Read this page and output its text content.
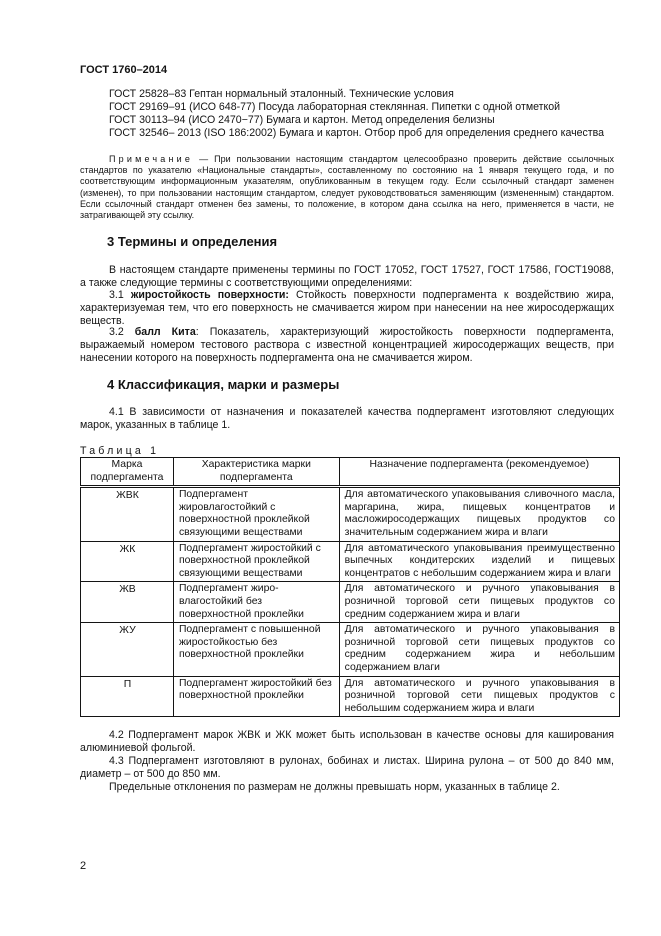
ГОСТ 1760–2014
ГОСТ 25828–83 Гептан нормальный эталонный. Технические условия
ГОСТ 29169–91 (ИСО 648-77) Посуда лабораторная стеклянная. Пипетки с одной отметкой
ГОСТ 30113–94 (ИСО 2470−77) Бумага и картон. Метод определения белизны
ГОСТ 32546– 2013 (ISO 186:2002) Бумага и картон. Отбор проб для определения среднего качества
Примечание — При пользовании настоящим стандартом целесообразно проверить действие ссылочных стандартов по указателю «Национальные стандарты», составленному по состоянию на 1 января текущего года, и по соответствующим информационным указателям, опубликованным в текущем году. Если ссылочный стандарт заменен (изменен), то при пользовании настоящим стандартом, следует руководствоваться заменяющим (измененным) стандартом. Если ссылочный стандарт отменен без замены, то положение, в котором дана ссылка на него, применяется в части, не затрагивающей эту ссылку.
3 Термины и определения
В настоящем стандарте применены термины по ГОСТ 17052, ГОСТ 17527, ГОСТ 17586, ГОСТ19088, а также следующие термины с соответствующими определениями:
3.1 жиростойкость поверхности: Стойкость поверхности подпергамента к воздействию жира, характеризуемая тем, что его поверхность не смачивается жиром при нанесении на нее жиросодержащих веществ.
3.2 балл Кита: Показатель, характеризующий жиростойкость поверхности подпергамента, выражаемый номером тестового раствора с известной концентрацией жиросодержащих веществ, при нанесении которого на поверхность подпергамента она не смачивается жиром.
4 Классификация, марки и размеры
4.1 В зависимости от назначения и показателей качества подпергамент изготовляют следующих марок, указанных в таблице 1.
Таблица 1
Марка подпергамента	Характеристика марки подпергамента	Назначение подпергамента (рекомендуемое)
ЖВК	Подпергамент жировлагостойкий с поверхностной проклейкой связующими веществами	Для автоматического упаковывания сливочного масла, маргарина, жира, пищевых концентратов и масложиросодержащих пищевых продуктов со значительным содержанием жира и влаги
ЖК	Подпергамент жиростойкий с поверхностной проклейкой связующими веществами	Для автоматического упаковывания преимущественно выпечных кондитерских изделий и пищевых концентратов с небольшим содержанием жира и влаги
ЖВ	Подпергамент жиро-влагостойкий без поверхностной проклейки	Для автоматического и ручного упаковывания в розничной торговой сети пищевых продуктов со средним содержанием жира и влаги
ЖУ	Подпергамент с повышенной жиростойкостью без поверхностной проклейки	Для автоматического и ручного упаковывания в розничной торговой сети пищевых продуктов со средним содержанием жира и небольшим содержанием влаги
П	Подпергамент жиростойкий без поверхностной проклейки	Для автоматического и ручного упаковывания в розничной торговой сети пищевых продуктов с небольшим содержанием жира и влаги
4.2 Подпергамент марок ЖВК и ЖК может быть использован в качестве основы для каширования алюминиевой фольгой.
4.3 Подпергамент изготовляют в рулонах, бобинах и листах. Ширина рулона – от 500 до 840 мм, диаметр – от 500 до 850 мм.
Предельные отклонения по размерам не должны превышать норм, указанных в таблице 2.
2
